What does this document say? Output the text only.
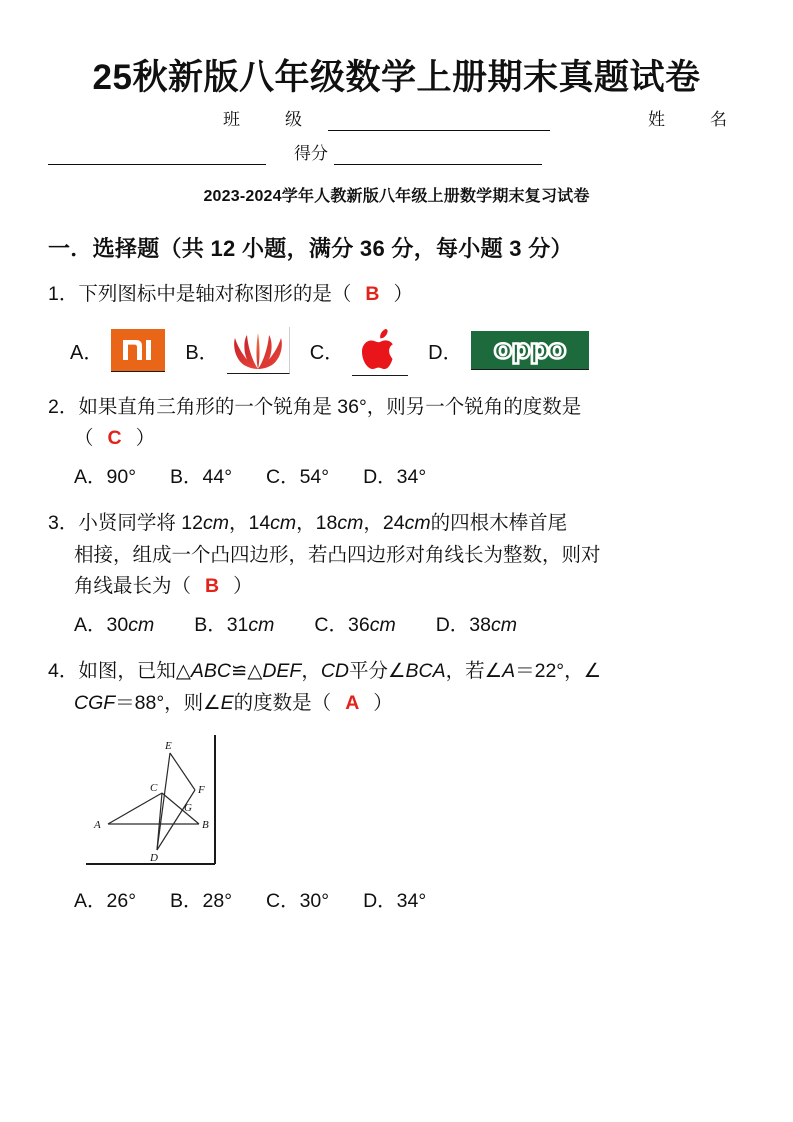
25秋新版八年级数学上册期末真题试卷
班　级	姓　名
得分
2023-2024学年人教新版八年级上册数学期末复习试卷
一．选择题（共 12 小题，满分 36 分，每小题 3 分）
1．下列图标中是轴对称图形的是（ B ）
A．	B．	C．	D． oppo
2．如果直角三角形的一个锐角是 36°，则另一个锐角的度数是
（ C ）
A．90° B．44° C．54° D．34°
3．小贤同学将 12cm，14cm，18cm，24cm的四根木棒首尾
相接，组成一个凸四边形，若凸四边形对角线长为整数，则对
角线最长为（ B ）
A．30cm B．31cm C．36cm D．38cm
4．如图，已知△ABC≌△DEF，CD平分∠BCA，若∠A＝22°，∠
CGF＝88°，则∠E的度数是（ A ）
E
C	F
G
A	B
D
A．26° B．28° C．30° D．34°
